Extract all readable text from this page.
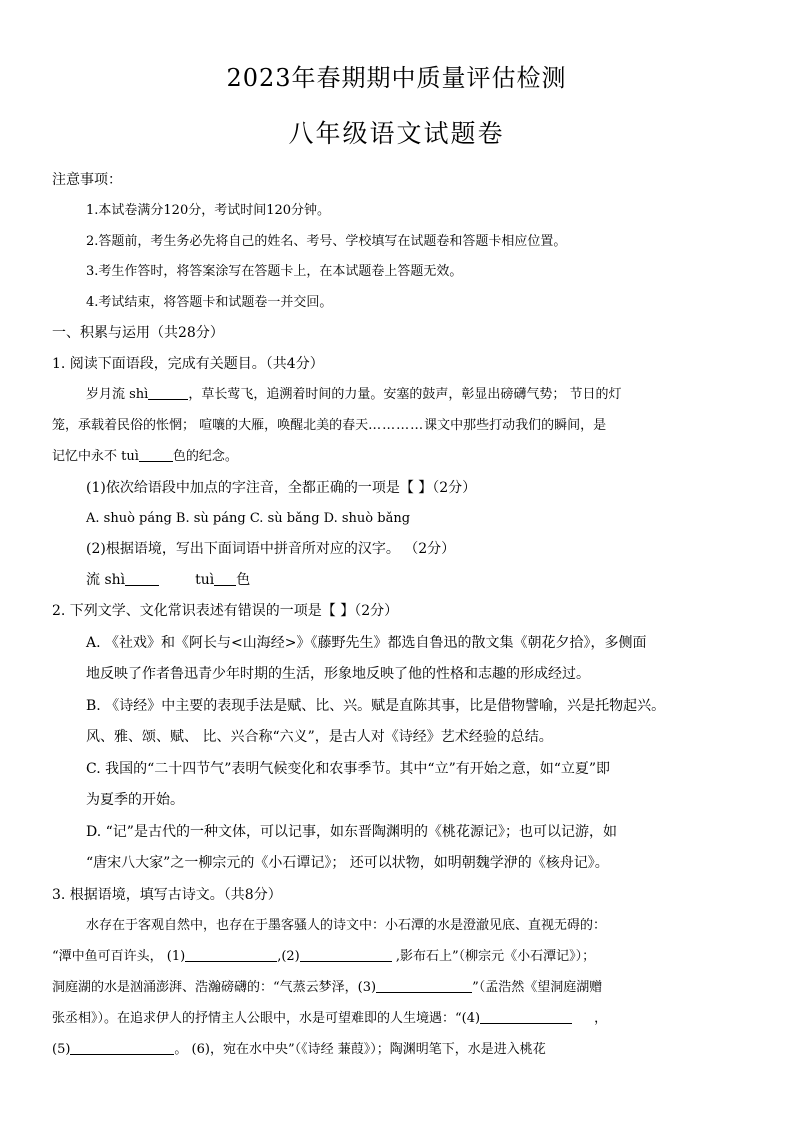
2023年春期期中质量评估检测
八年级语文试题卷
注意事项：
1.本试卷满分120分，考试时间120分钟。
2.答题前，考生务必先将自己的姓名、考号、学校填写在试题卷和答题卡相应位置。
3.考生作答时，将答案涂写在答题卡上，在本试题卷上答题无效。
4.考试结束，将答题卡和试题卷一并交回。
一、积累与运用（共28分）
1. 阅读下面语段，完成有关题目。（共4分）
岁月流 shì	，草长莺飞，追溯着时间的力量。安塞的鼓声，彰显出磅礴气势； 节日的灯
笼，承载着民俗的怅惘； 喧嚷的大雁，唤醒北美的春天…………课文中那些打动我们的瞬间，是
记忆中永不 tuì	色的纪念。
(1)依次给语段中加点的字注音，全都正确的一项是【 】（2分）
A. shuò páng B. sù páng C. sù bǎng D. shuò bǎng
(2)根据语境，写出下面词语中拼音所对应的汉字。 （2分）
流 shì	tuì 色
2. 下列文学、文化常识表述有错误的一项是【 】（2分）
A. 《社戏》和《阿长与<山海经>》《藤野先生》都选自鲁迅的散文集《朝花夕拾》，多侧面
地反映了作者鲁迅青少年时期的生活，形象地反映了他的性格和志趣的形成经过。
B. 《诗经》中主要的表现手法是赋、比、兴。赋是直陈其事，比是借物譬喻，兴是托物起兴。
风、雅、颂、赋、 比、兴合称“六义”，是古人对《诗经》艺术经验的总结。
C. 我国的“二十四节气”表明气候变化和农事季节。其中“立”有开始之意，如“立夏”即
为夏季的开始。
D. “记”是古代的一种文体，可以记事，如东晋陶渊明的《桃花源记》；也可以记游，如
“唐宋八大家”之一柳宗元的《小石谭记》； 还可以状物，如明朝魏学洢的《核舟记》。
3. 根据语境，填写古诗文。（共8分）
水存在于客观自然中，也存在于墨客骚人的诗文中：小石潭的水是澄澈见底、直视无碍的：
“潭中鱼可百许头， (1)	,(2)	,影布石上”（柳宗元《小石潭记》）；
洞庭湖的水是汹涌澎湃、浩瀚磅礴的：“气蒸云梦泽，(3)	”（孟浩然《望洞庭湖赠
张丞相》）。在追求伊人的抒情主人公眼中，水是可望难即的人生境遇：“(4)	，
(5)	。 (6)，宛在水中央”（《诗经 蒹葭》）；陶渊明笔下，水是进入桃花
